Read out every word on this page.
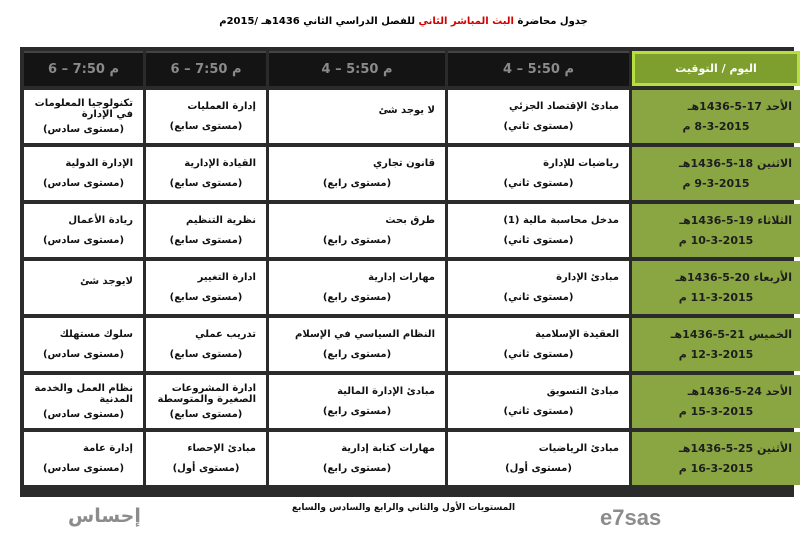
جدول محاضرة البث المباشر الثاني للفصل الدراسي الثاني 1436هـ /2015م
اليوم / التوقيت
4 – 5:50 م
4 – 5:50 م
6 – 7:50 م
6 – 7:50 م
الأحد 17-5-1436هـ
8-3-2015 م
مبادئ الإقتصاد الجزئي
(مستوى ثاني)
لا يوجد شئ
إدارة العمليات
(مستوى سابع)
تكنولوجيا المعلومات في الإدارة
(مستوى سادس)
الاثنين 18-5-1436هـ
9-3-2015 م
رياضيات للإدارة
(مستوى ثاني)
قانون تجاري
(مستوى رابع)
القيادة الإدارية
(مستوى سابع)
الإدارة الدولية
(مستوى سادس)
الثلاثاء 19-5-1436هـ
10-3-2015 م
مدخل محاسبة مالية (1)
(مستوى ثاني)
طرق بحث
(مستوى رابع)
نظرية التنظيم
(مستوى سابع)
ريادة الأعمال
(مستوى سادس)
الأربعاء 20-5-1436هـ
11-3-2015 م
مبادئ الإدارة
(مستوى ثاني)
مهارات إدارية
(مستوى رابع)
ادارة التغيير
(مستوى سابع)
لايوجد شئ
الخميس 21-5-1436هـ
12-3-2015 م
العقيدة الإسلامية
(مستوى ثاني)
النظام السياسي في الإسلام
(مستوى رابع)
تدريب عملي
(مستوى سابع)
سلوك مستهلك
(مستوى سادس)
الأحد 24-5-1436هـ
15-3-2015 م
مبادئ التسويق
(مستوى ثاني)
مبادئ الإدارة المالية
(مستوى رابع)
ادارة المشروعات الصغيرة والمتوسطة
(مستوى سابع)
نظام العمل والخدمة المدنية
(مستوى سادس)
الأثنين 25-5-1436هـ
16-3-2015 م
مبادئ الرياضيات
(مستوى أول)
مهارات كتابة إدارية
(مستوى رابع)
مبادئ الإحصاء
(مستوى أول)
إدارة عامة
(مستوى سادس)
المستويات الأول والثاني والرابع والسادس والسابع
إحساس	e7sas
